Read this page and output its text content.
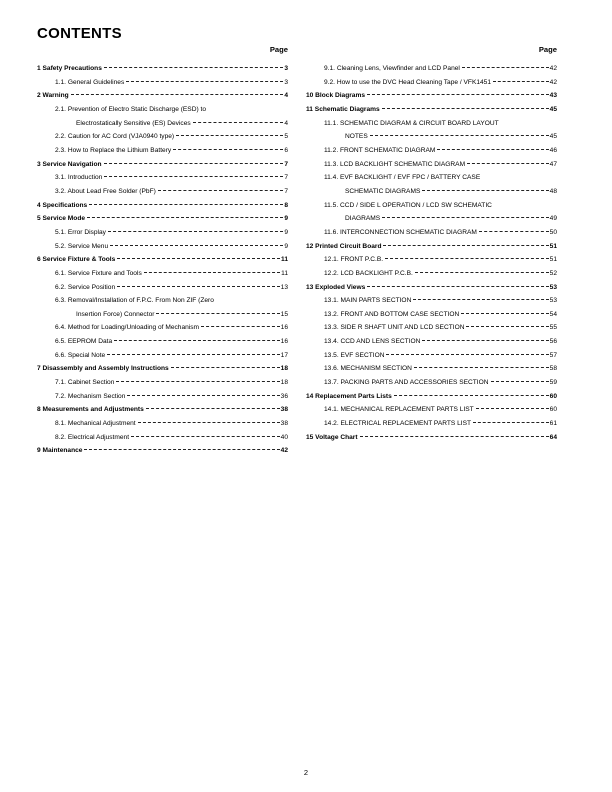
CONTENTS
Page
1 Safety Precautions	3
1.1. General Guidelines	3
2 Warning	4
2.1. Prevention of Electro Static Discharge (ESD) to
Electrostatically Sensitive (ES) Devices	4
2.2. Caution for AC Cord (VJA0940 type)	5
2.3. How to Replace the Lithium Battery	6
3 Service Navigation	7
3.1. Introduction	7
3.2. About Lead Free Solder (PbF)	7
4 Specifications	8
5 Service Mode	9
5.1. Error Display	9
5.2. Service Menu	9
6 Service Fixture & Tools	11
6.1. Service Fixture and Tools	11
6.2. Service Position	13
6.3. Removal/Installation of F.P.C. From Non ZIF (Zero
Insertion Force) Connector	15
6.4. Method for Loading/Unloading of Mechanism	16
6.5. EEPROM Data	16
6.6. Special Note	17
7 Disassembly and Assembly Instructions	18
7.1. Cabinet Section	18
7.2. Mechanism Section	36
8 Measurements and Adjustments	38
8.1. Mechanical Adjustment	38
8.2. Electrical Adjustment	40
9 Maintenance	42
Page
9.1. Cleaning Lens, Viewfinder and LCD Panel	42
9.2. How to use the DVC Head Cleaning Tape / VFK1451	42
10 Block Diagrams	43
11 Schematic Diagrams	45
11.1. SCHEMATIC DIAGRAM & CIRCUIT BOARD LAYOUT
NOTES	45
11.2. FRONT SCHEMATIC DIAGRAM	46
11.3. LCD BACKLIGHT SCHEMATIC DIAGRAM	47
11.4. EVF BACKLIGHT / EVF FPC / BATTERY CASE
SCHEMATIC DIAGRAMS	48
11.5. CCD / SIDE L OPERATION / LCD SW SCHEMATIC
DIAGRAMS	49
11.6. INTERCONNECTION SCHEMATIC DIAGRAM	50
12 Printed Circuit Board	51
12.1. FRONT P.C.B.	51
12.2. LCD BACKLIGHT P.C.B.	52
13 Exploded Views	53
13.1. MAIN PARTS SECTION	53
13.2. FRONT AND BOTTOM CASE SECTION	54
13.3. SIDE R SHAFT UNIT AND LCD SECTION	55
13.4. CCD AND LENS SECTION	56
13.5. EVF SECTION	57
13.6. MECHANISM SECTION	58
13.7. PACKING PARTS AND ACCESSORIES SECTION	59
14 Replacement Parts Lists	60
14.1. MECHANICAL REPLACEMENT PARTS LIST	60
14.2. ELECTRICAL REPLACEMENT PARTS LIST	61
15 Voltage Chart	64
2
